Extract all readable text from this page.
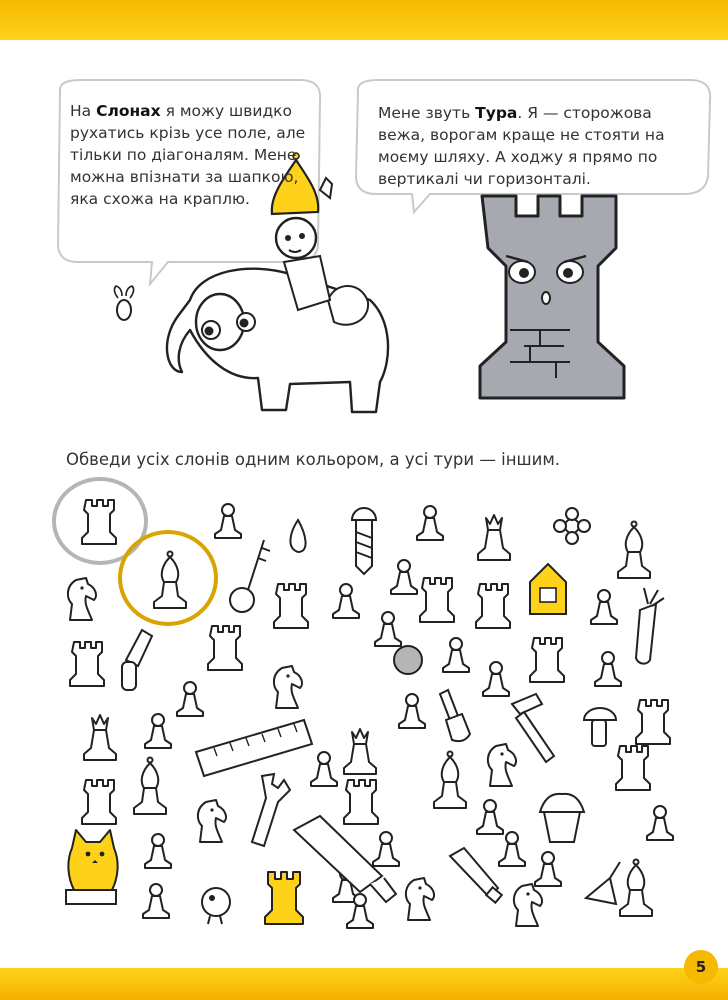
5
На Слонах я можу швидко рухатись крізь усе поле, але тільки по діагоналям. Мене можна впізнати за шапкою, яка схожа на краплю.
Мене звуть Тура. Я — сторожова вежа, ворогам краще не стояти на моєму шляху. А ходжу я прямо по вертикалі чи горизонталі.
Обведи усіх слонів одним кольором, а усі тури — іншим.
